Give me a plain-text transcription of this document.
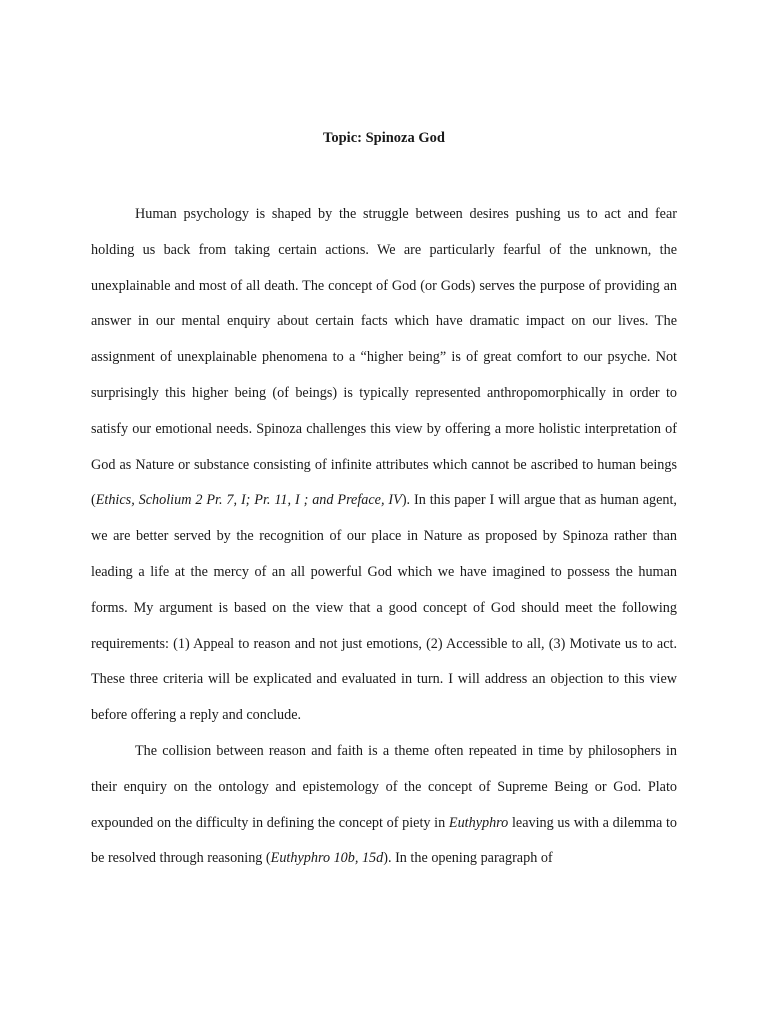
Topic: Spinoza God

Human psychology is shaped by the struggle between desires pushing us to act and fear holding us back from taking certain actions. We are particularly fearful of the unknown, the unexplainable and most of all death. The concept of God (or Gods) serves the purpose of providing an answer in our mental enquiry about certain facts which have dramatic impact on our lives. The assignment of unexplainable phenomena to a “higher being” is of great comfort to our psyche. Not surprisingly this higher being (of beings) is typically represented anthropomorphically in order to satisfy our emotional needs. Spinoza challenges this view by offering a more holistic interpretation of God as Nature or substance consisting of infinite attributes which cannot be ascribed to human beings (Ethics, Scholium 2 Pr. 7, I; Pr. 11, I ; and Preface, IV). In this paper I will argue that as human agent, we are better served by the recognition of our place in Nature as proposed by Spinoza rather than leading a life at the mercy of an all powerful God which we have imagined to possess the human forms. My argument is based on the view that a good concept of God should meet the following requirements: (1) Appeal to reason and not just emotions, (2) Accessible to all, (3) Motivate us to act. These three criteria will be explicated and evaluated in turn. I will address an objection to this view before offering a reply and conclude.

The collision between reason and faith is a theme often repeated in time by philosophers in their enquiry on the ontology and epistemology of the concept of Supreme Being or God. Plato expounded on the difficulty in defining the concept of piety in Euthyphro leaving us with a dilemma to be resolved through reasoning (Euthyphro 10b, 15d). In the opening paragraph of
